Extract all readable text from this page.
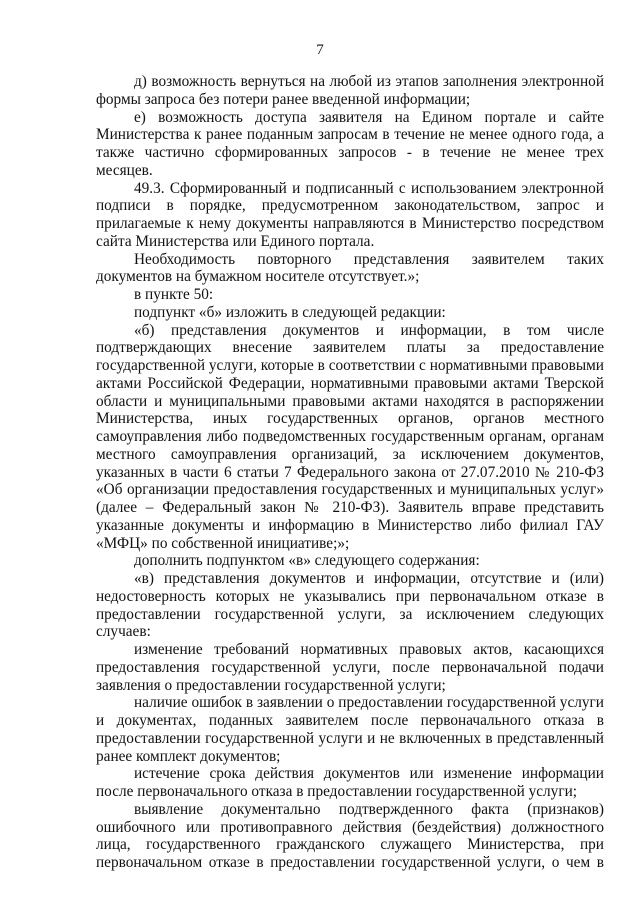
7

д) возможность вернуться на любой из этапов заполнения электронной формы запроса без потери ранее введенной информации;

е) возможность доступа заявителя на Едином портале и сайте Министерства к ранее поданным запросам в течение не менее одного года, а также частично сформированных запросов - в течение не менее трех месяцев.

49.3. Сформированный и подписанный с использованием электронной подписи в порядке, предусмотренном законодательством, запрос и прилагаемые к нему документы направляются в Министерство посредством сайта Министерства или Единого портала.

Необходимость повторного представления заявителем таких документов на бумажном носителе отсутствует.»;

в пункте 50:

подпункт «б» изложить в следующей редакции:

«б) представления документов и информации, в том числе подтверждающих внесение заявителем платы за предоставление государственной услуги, которые в соответствии с нормативными правовыми актами Российской Федерации, нормативными правовыми актами Тверской области и муниципальными правовыми актами находятся в распоряжении Министерства, иных государственных органов, органов местного самоуправления либо подведомственных государственным органам, органам местного самоуправления организаций, за исключением документов, указанных в части 6 статьи 7 Федерального закона от 27.07.2010 № 210-ФЗ «Об организации предоставления государственных и муниципальных услуг» (далее – Федеральный закон № 210-ФЗ). Заявитель вправе представить указанные документы и информацию в Министерство либо филиал ГАУ «МФЦ» по собственной инициативе;»;

дополнить подпунктом «в» следующего содержания:

«в) представления документов и информации, отсутствие и (или) недостоверность которых не указывались при первоначальном отказе в предоставлении государственной услуги, за исключением следующих случаев:

изменение требований нормативных правовых актов, касающихся предоставления государственной услуги, после первоначальной подачи заявления о предоставлении государственной услуги;

наличие ошибок в заявлении о предоставлении государственной услуги и документах, поданных заявителем после первоначального отказа в предоставлении государственной услуги и не включенных в представленный ранее комплект документов;

истечение срока действия документов или изменение информации после первоначального отказа в предоставлении государственной услуги;

выявление документально подтвержденного факта (признаков) ошибочного или противоправного действия (бездействия) должностного лица, государственного гражданского служащего Министерства, при первоначальном отказе в предоставлении государственной услуги, о чем в
